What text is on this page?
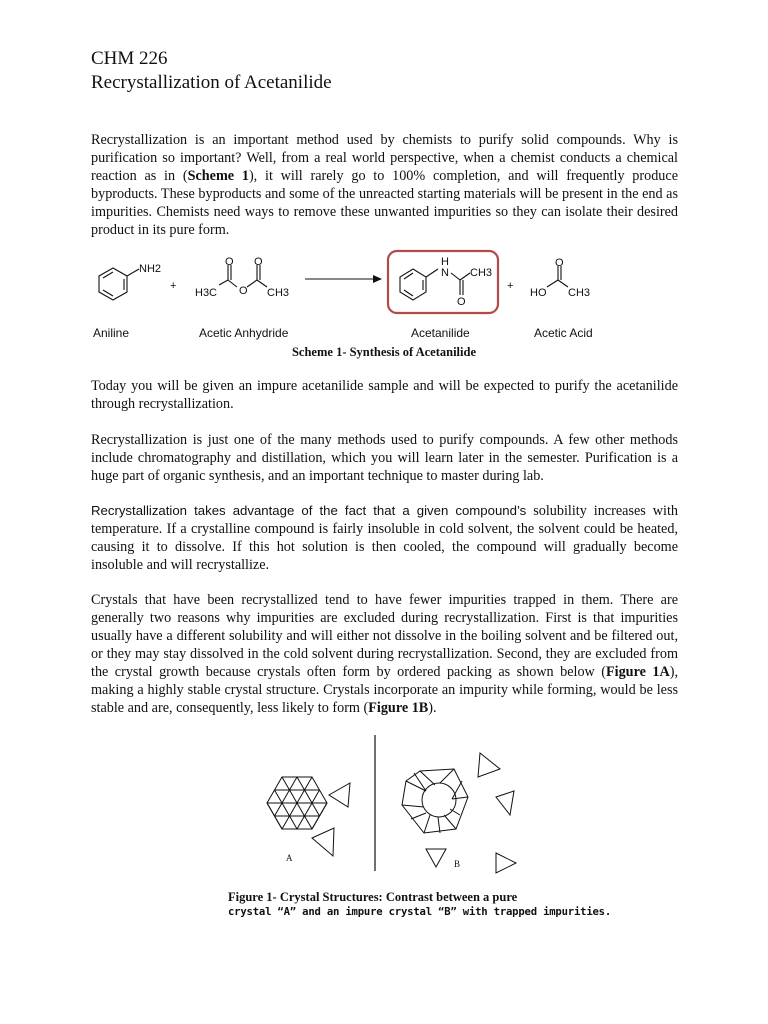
CHM 226
Recrystallization of Acetanilide

Recrystallization is an important method used by chemists to purify solid compounds. Why is purification so important? Well, from a real world perspective, when a chemist conducts a chemical reaction as in (Scheme 1), it will rarely go to 100% completion, and will frequently produce byproducts. These byproducts and some of the unreacted starting materials will be present in the end as impurities. Chemists need ways to remove these unwanted impurities so they can isolate their desired product in its pure form.

NH2
+
H3C
O
O
O
CH3
H
N CH3
O
+
HO
O
CH3
Aniline	Acetic Anhydride	Acetanilide	Acetic Acid
Scheme 1- Synthesis of Acetanilide

Today you will be given an impure acetanilide sample and will be expected to purify the acetanilide through recrystallization.

Recrystallization is just one of the many methods used to purify compounds. A few other methods include chromatography and distillation, which you will learn later in the semester. Purification is a huge part of organic synthesis, and an important technique to master during lab.

Recrystallization takes advantage of the fact that a given compound’s solubility increases with temperature. If a crystalline compound is fairly insoluble in cold solvent, the solvent could be heated, causing it to dissolve. If this hot solution is then cooled, the compound will gradually become insoluble and will recrystallize.

Crystals that have been recrystallized tend to have fewer impurities trapped in them. There are generally two reasons why impurities are excluded during recrystallization. First is that impurities usually have a different solubility and will either not dissolve in the boiling solvent and be filtered out, or they may stay dissolved in the cold solvent during recrystallization. Second, they are excluded from the crystal growth because crystals often form by ordered packing as shown below (Figure 1A), making a highly stable crystal structure. Crystals incorporate an impurity while forming, would be less stable and are, consequently, less likely to form (Figure 1B).

A
B
Figure 1- Crystal Structures: Contrast between a pure
crystal “A” and an impure crystal “B” with trapped impurities.
